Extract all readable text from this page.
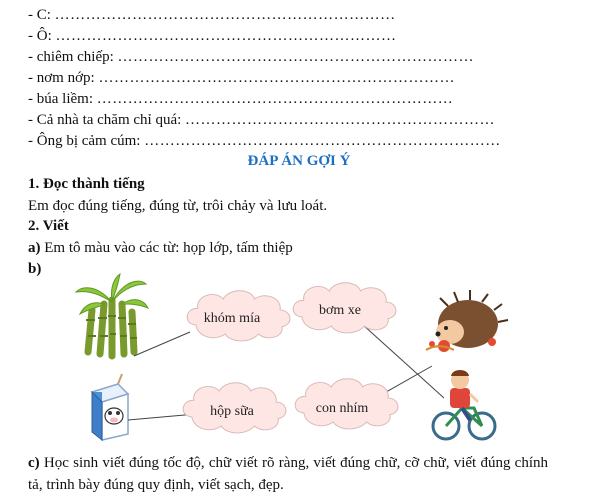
- C: …………………………………………………………
- Ô: …………………………………………………………
- chiêm chiếp: ……………………………………………………………
- nơm nớp: ……………………………………………………………
- búa liềm: ……………………………………………………………
- Cả nhà ta chăm chỉ quá: ……………………………………………………
- Ông bị cảm cúm: ……………………………………………………………
ĐÁP ÁN GỢI Ý
1. Đọc thành tiếng
Em đọc đúng tiếng, đúng từ, trôi chảy và lưu loát.
2. Viết
a) Em tô màu vào các từ: họp lớp, tấm thiệp
b)
khóm mía
bơm xe
hộp sữa	con nhím
c) Học sinh viết đúng tốc độ, chữ viết rõ ràng, viết đúng chữ, cỡ chữ, viết đúng chính tả, trình bày đúng quy định, viết sạch, đẹp.
